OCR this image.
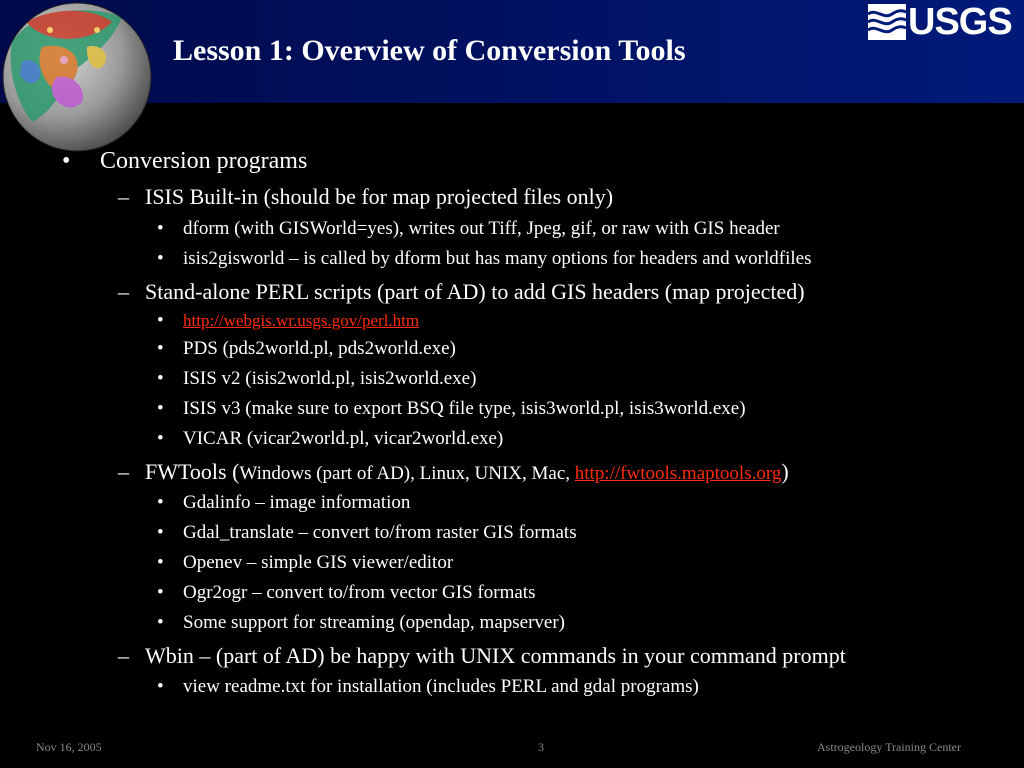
USGS
Lesson 1: Overview of Conversion Tools
• Conversion programs
– ISIS Built-in (should be for map projected files only)
• dform (with GISWorld=yes), writes out Tiff, Jpeg, gif, or raw with GIS header
• isis2gisworld – is called by dform but has many options for headers and worldfiles
– Stand-alone PERL scripts (part of AD) to add GIS headers (map projected)
• http://webgis.wr.usgs.gov/perl.htm
• PDS (pds2world.pl, pds2world.exe)
• ISIS v2 (isis2world.pl, isis2world.exe)
• ISIS v3 (make sure to export BSQ file type, isis3world.pl, isis3world.exe)
• VICAR (vicar2world.pl, vicar2world.exe)
– FWTools (Windows (part of AD), Linux, UNIX, Mac, http://fwtools.maptools.org)
• Gdalinfo – image information
• Gdal_translate – convert to/from raster GIS formats
• Openev – simple GIS viewer/editor
• Ogr2ogr – convert to/from vector GIS formats
• Some support for streaming (opendap, mapserver)
– Wbin – (part of AD) be happy with UNIX commands in your command prompt
• view readme.txt for installation (includes PERL and gdal programs)
Nov 16, 2005	3	Astrogeology Training Center
